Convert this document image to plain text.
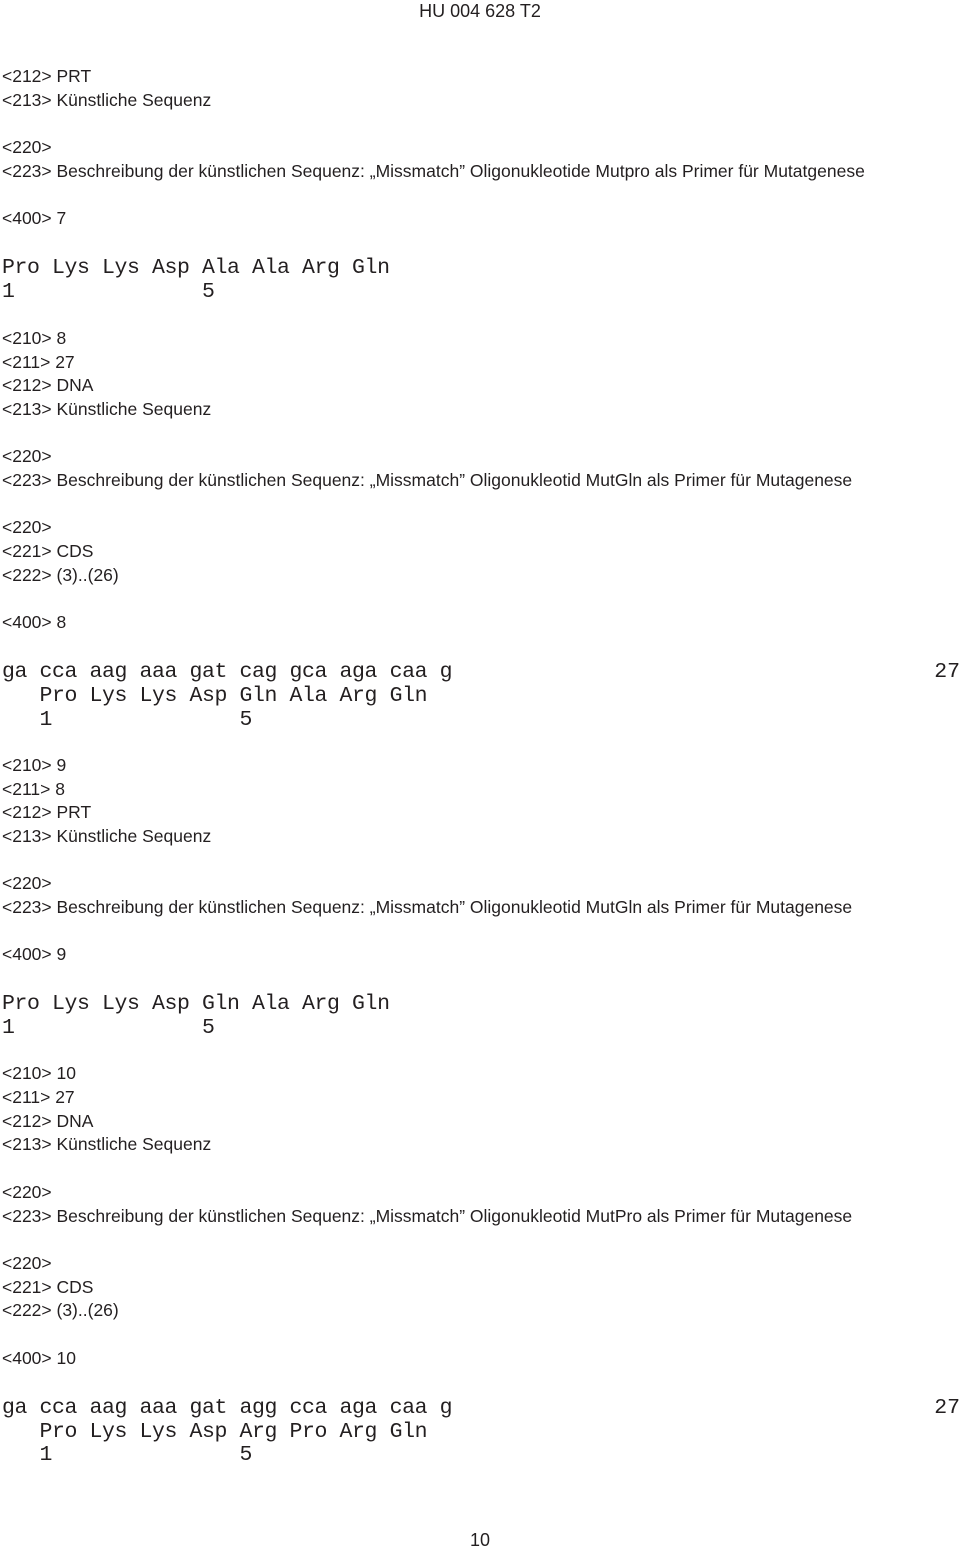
HU 004 628 T2
<212> PRT
<213> Künstliche Sequenz
<220>
<223> Beschreibung der künstlichen Sequenz: „Missmatch” Oligonukleotide Mutpro als Primer für Mutatgenese
<400> 7
Pro Lys Lys Asp Ala Ala Arg Gln
1               5
<210> 8
<211> 27
<212> DNA
<213> Künstliche Sequenz
<220>
<223> Beschreibung der künstlichen Sequenz: „Missmatch” Oligonukleotid MutGln als Primer für Mutagenese
<220>
<221> CDS
<222> (3)..(26)
<400> 8
ga cca aag aaa gat cag gca aga caa g	27
Pro Lys Lys Asp Gln Ala Arg Gln
1               5
<210> 9
<211> 8
<212> PRT
<213> Künstliche Sequenz
<220>
<223> Beschreibung der künstlichen Sequenz: „Missmatch” Oligonukleotid MutGln als Primer für Mutagenese
<400> 9
Pro Lys Lys Asp Gln Ala Arg Gln
1               5
<210> 10
<211> 27
<212> DNA
<213> Künstliche Sequenz
<220>
<223> Beschreibung der künstlichen Sequenz: „Missmatch” Oligonukleotid MutPro als Primer für Mutagenese
<220>
<221> CDS
<222> (3)..(26)
<400> 10
ga cca aag aaa gat agg cca aga caa g	27
Pro Lys Lys Asp Arg Pro Arg Gln
1               5
10
